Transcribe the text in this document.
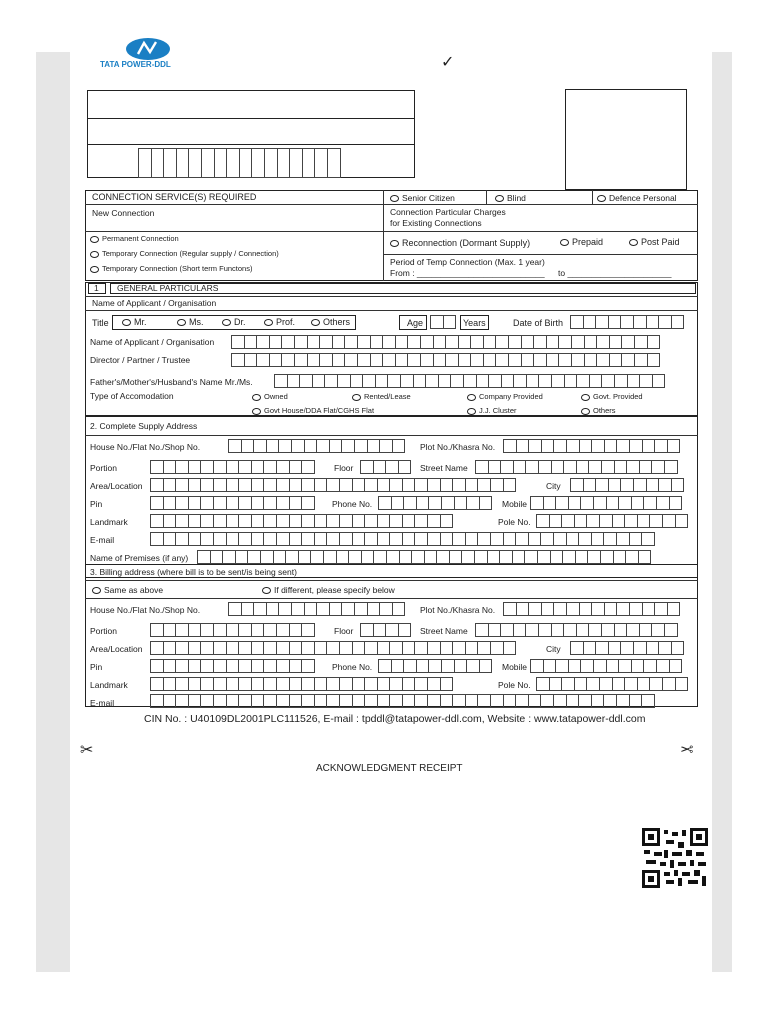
TATA POWER-DDL	✓
CONNECTION SERVICE(S) REQUIRED	Senior Citizen	Blind	Defence Personal
New Connection	Connection Particular Charges
for Existing Connections
Permanent Connection
Temporary Connection (Regular supply / Connection)
Temporary Connection (Short term Functons)
Reconnection (Dormant Supply)	Prepaid	Post Paid
Period of Temp Connection (Max. 1 year)
From : ___________________________ to ______________________
1 GENERAL PARTICULARS
Name of Applicant / Organisation
Title	Mr.	Ms.	Dr.	Prof.	Others	Age	Years	Date of Birth
Name of Applicant / Organisation
Director / Partner / Trustee
Father's/Mother's/Husband's Name Mr./Ms.
Type of Accomodation	Owned	Rented/Lease	Company Provided	Govt. Provided
Govt House/DDA Flat/CGHS Flat	J.J. Cluster	Others
2. Complete Supply Address
House No./Flat No./Shop No.	Plot No./Khasra No.
Portion	Floor	Street Name
Area/Location	City
Pin	Phone No.	Mobile
Landmark	Pole No.
E-mail
Name of Premises (if any)
3. Billing address (where bill is to be sent/is being sent)
Same as above	If different, please specify below
House No./Flat No./Shop No.	Plot No./Khasra No.
Portion	Floor	Street Name
Area/Location	City
Pin	Phone No.	Mobile
Landmark	Pole No.
E-mail
CIN No. : U40109DL2001PLC111526, E-mail : tpddl@tatapower-ddl.com, Website : www.tatapower-ddl.com
✂	✂
ACKNOWLEDGMENT RECEIPT
